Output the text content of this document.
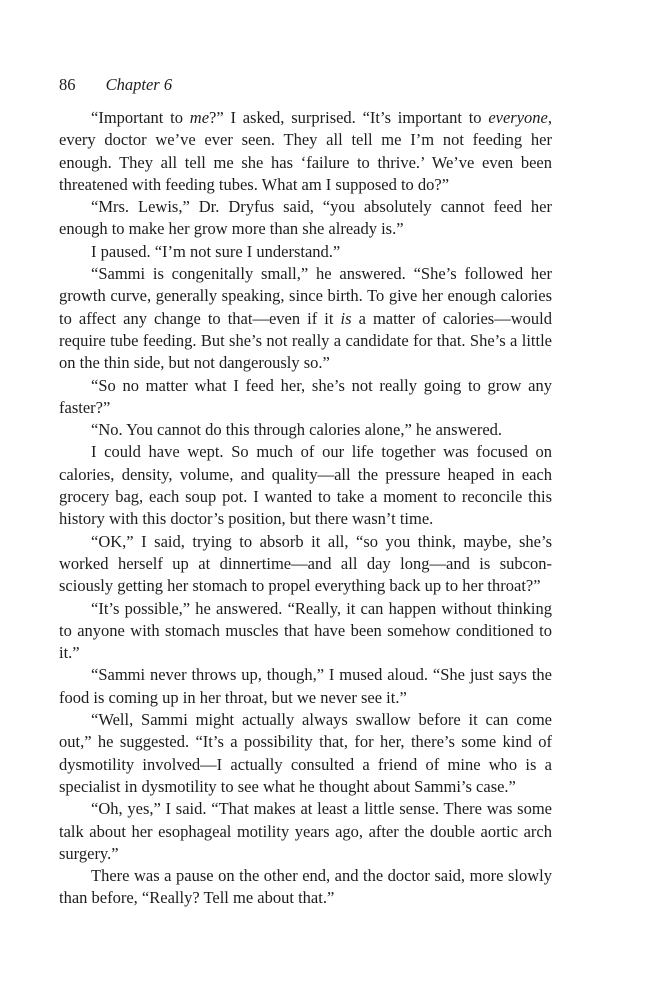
86 Chapter 6

“Important to me?” I asked, surprised. “It’s important to everyone, every doctor we’ve ever seen. They all tell me I’m not feeding her enough. They all tell me she has ‘failure to thrive.’ We’ve even been threatened with feeding tubes. What am I supposed to do?”

“Mrs. Lewis,” Dr. Dryfus said, “you absolutely cannot feed her enough to make her grow more than she already is.”

I paused. “I’m not sure I understand.”

“Sammi is congenitally small,” he answered. “She’s followed her growth curve, generally speaking, since birth. To give her enough calories to affect any change to that—even if it is a matter of calories—would require tube feeding. But she’s not really a candidate for that. She’s a little on the thin side, but not dangerously so.”

“So no matter what I feed her, she’s not really going to grow any faster?”

“No. You cannot do this through calories alone,” he answered.

I could have wept. So much of our life together was focused on calories, density, volume, and quality—all the pressure heaped in each grocery bag, each soup pot. I wanted to take a moment to reconcile this history with this doctor’s position, but there wasn’t time.

“OK,” I said, trying to absorb it all, “so you think, maybe, she’s worked herself up at dinnertime—and all day long—and is subconsciously getting her stomach to propel everything back up to her throat?”

“It’s possible,” he answered. “Really, it can happen without thinking to anyone with stomach muscles that have been somehow conditioned to it.”

“Sammi never throws up, though,” I mused aloud. “She just says the food is coming up in her throat, but we never see it.”

“Well, Sammi might actually always swallow before it can come out,” he suggested. “It’s a possibility that, for her, there’s some kind of dysmotility involved—I actually consulted a friend of mine who is a specialist in dysmotility to see what he thought about Sammi’s case.”

“Oh, yes,” I said. “That makes at least a little sense. There was some talk about her esophageal motility years ago, after the double aortic arch surgery.”

There was a pause on the other end, and the doctor said, more slowly than before, “Really? Tell me about that.”
